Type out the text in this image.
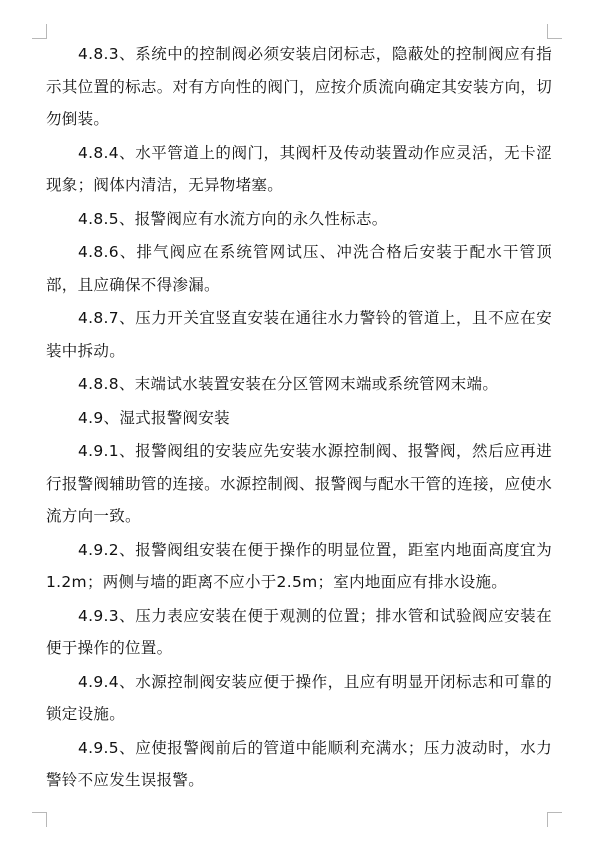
4.8.3、系统中的控制阀必须安装启闭标志，隐蔽处的控制阀应有指示其位置的标志。对有方向性的阀门，应按介质流向确定其安装方向，切勿倒装。

4.8.4、水平管道上的阀门，其阀杆及传动装置动作应灵活，无卡涩现象；阀体内清洁，无异物堵塞。

4.8.5、报警阀应有水流方向的永久性标志。

4.8.6、排气阀应在系统管网试压、冲洗合格后安装于配水干管顶部，且应确保不得渗漏。

4.8.7、压力开关宜竖直安装在通往水力警铃的管道上，且不应在安装中拆动。

4.8.8、末端试水装置安装在分区管网末端或系统管网末端。

4.9、湿式报警阀安装

4.9.1、报警阀组的安装应先安装水源控制阀、报警阀，然后应再进行报警阀辅助管的连接。水源控制阀、报警阀与配水干管的连接，应使水流方向一致。

4.9.2、报警阀组安装在便于操作的明显位置，距室内地面高度宜为1.2m；两侧与墙的距离不应小于2.5m；室内地面应有排水设施。

4.9.3、压力表应安装在便于观测的位置；排水管和试验阀应安装在便于操作的位置。

4.9.4、水源控制阀安装应便于操作，且应有明显开闭标志和可靠的锁定设施。

4.9.5、应使报警阀前后的管道中能顺利充满水；压力波动时，水力警铃不应发生误报警。
